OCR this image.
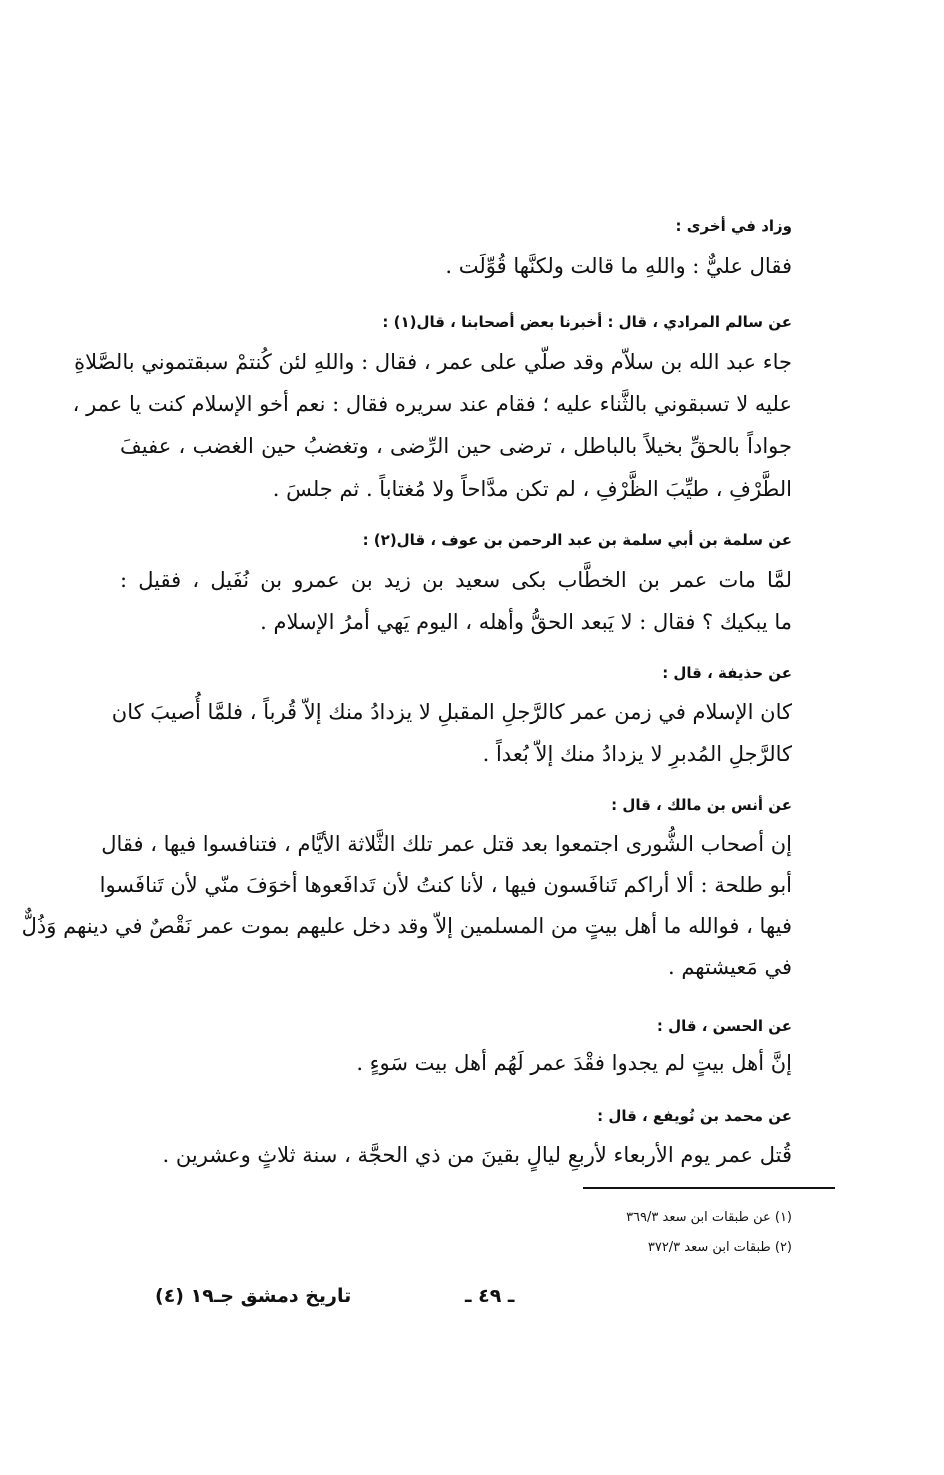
وزاد في أخرى :
فقال عليٌّ : واللهِ ما قالت ولكنَّها قُوِّلَت .
عن سالم المرادي ، قال : أخبرنا بعض أصحابنا ، قال(١) :
جاء عبد الله بن سلاّم وقد صلّي على عمر ، فقال : واللهِ لئن كُنتمْ سبقتموني بالصَّلاةِ
عليه لا تسبقوني بالثَّناء عليه ؛ فقام عند سريره فقال : نعم أخو الإسلام كنت يا عمر ،
جواداً بالحقِّ بخيلاً بالباطل ، ترضى حين الرِّضى ، وتغضبُ حين الغضب ، عفيفَ
الطَّرْفِ ، طيِّبَ الظَّرْفِ ، لم تكن مدَّاحاً ولا مُغتاباً . ثم جلسَ .
عن سلمة بن أبي سلمة بن عبد الرحمن بن عوف ، قال(٢) :
لمَّا مات عمر بن الخطَّاب بكى سعيد بن زيد بن عمرو بن نُفَيل ، فقيل :
ما يبكيك ؟ فقال : لا يَبعد الحقُّ وأهله ، اليوم يَهي أمرُ الإسلام .
عن حذيفة ، قال :
كان الإسلام في زمن عمر كالرَّجلِ المقبلِ لا يزدادُ منك إلاّ قُرباً ، فلمَّا أُصيبَ كان
كالرَّجلِ المُدبرِ لا يزدادُ منك إلاّ بُعداً .
عن أنس بن مالك ، قال :
إن أصحاب الشُّورى اجتمعوا بعد قتل عمر تلك الثَّلاثة الأيَّام ، فتنافسوا فيها ، فقال
أبو طلحة : ألا أراكم تَنافَسون فيها ، لأنا كنتُ لأن تَدافَعوها أخوَفَ منّي لأن تَنافَسوا
فيها ، فوالله ما أهل بيتٍ من المسلمين إلاّ وقد دخل عليهم بموت عمر نَقْصٌ في دينهم وَذُلٌّ
في مَعيشتهم .
عن الحسن ، قال :
إنَّ أهل بيتٍ لم يجدوا فقْدَ عمر لَهُم أهل بيت سَوءٍ .
عن محمد بن نُويفع ، قال :
قُتل عمر يوم الأربعاء لأربعِ ليالٍ بقينَ من ذي الحجَّة ، سنة ثلاثٍ وعشرين .
(١) عن طبقات ابن سعد ٣٦٩/٣
(٢) طبقات ابن سعد ٣٧٢/٣
ـ ٤٩ ـ
تاريخ دمشق جـ١٩ (٤)
